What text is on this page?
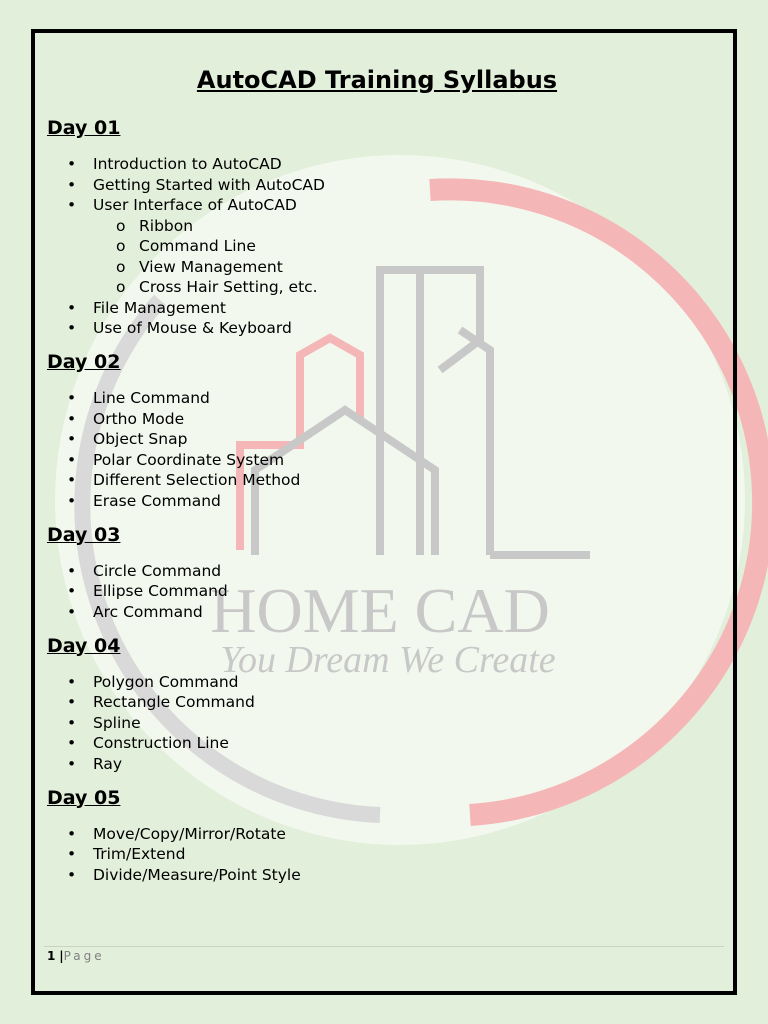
HOME CAD
You Dream We Create
AutoCAD Training Syllabus
Day 01
• Introduction to AutoCAD
• Getting Started with AutoCAD
• User Interface of AutoCAD
o Ribbon
o Command Line
o View Management
o Cross Hair Setting, etc.
• File Management
• Use of Mouse & Keyboard
Day 02
• Line Command
• Ortho Mode
• Object Snap
• Polar Coordinate System
• Different Selection Method
• Erase Command
Day 03
• Circle Command
• Ellipse Command
• Arc Command
Day 04
• Polygon Command
• Rectangle Command
• Spline
• Construction Line
• Ray
Day 05
• Move/Copy/Mirror/Rotate
• Trim/Extend
• Divide/Measure/Point Style
1 |Page
